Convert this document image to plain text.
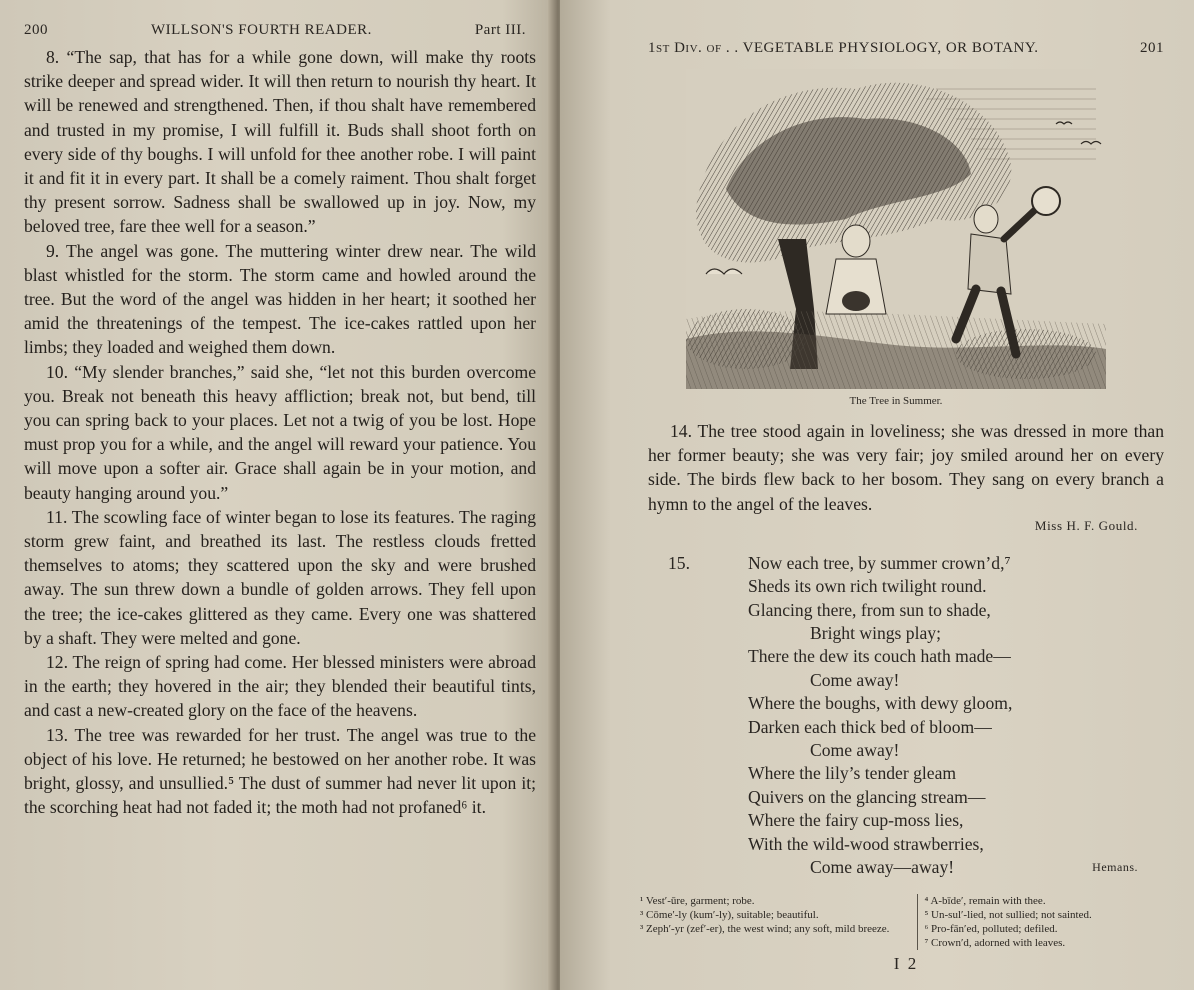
200	WILLSON'S FOURTH READER.	Part III.

8. “The sap, that has for a while gone down, will make thy roots strike deeper and spread wider. It will then return to nourish thy heart. It will be renewed and strengthened. Then, if thou shalt have remembered and trusted in my promise, I will fulfill it. Buds shall shoot forth on every side of thy boughs. I will unfold for thee another robe. I will paint it and fit it in every part. It shall be a comely raiment. Thou shalt forget thy present sorrow. Sadness shall be swallowed up in joy. Now, my beloved tree, fare thee well for a season.”

9. The angel was gone. The muttering winter drew near. The wild blast whistled for the storm. The storm came and howled around the tree. But the word of the angel was hidden in her heart; it soothed her amid the threatenings of the tempest. The ice-cakes rattled upon her limbs; they loaded and weighed them down.

10. “My slender branches,” said she, “let not this burden overcome you. Break not beneath this heavy affliction; break not, but bend, till you can spring back to your places. Let not a twig of you be lost. Hope must prop you for a while, and the angel will reward your patience. You will move upon a softer air. Grace shall again be in your motion, and beauty hanging around you.”

11. The scowling face of winter began to lose its features. The raging storm grew faint, and breathed its last. The restless clouds fretted themselves to atoms; they scattered upon the sky and were brushed away. The sun threw down a bundle of golden arrows. They fell upon the tree; the ice-cakes glittered as they came. Every one was shattered by a shaft. They were melted and gone.

12. The reign of spring had come. Her blessed ministers were abroad in the earth; they hovered in the air; they blended their beautiful tints, and cast a new-created glory on the face of the heavens.

13. The tree was rewarded for her trust. The angel was true to the object of his love. He returned; he bestowed on her another robe. It was bright, glossy, and unsullied.⁵ The dust of summer had never lit upon it; the scorching heat had not faded it; the moth had not profaned⁶ it.

1st Div. of . . VEGETABLE PHYSIOLOGY, OR BOTANY.	201
The Tree in Summer.

14. The tree stood again in loveliness; she was dressed in more than her former beauty; she was very fair; joy smiled around her on every side. The birds flew back to her bosom. They sang on every branch a hymn to the angel of the leaves.

Miss H. F. Gould.
15.	Now each tree, by summer crown’d,⁷
Sheds its own rich twilight round.
Glancing there, from sun to shade,
Bright wings play;
There the dew its couch hath made—
Come away!
Where the boughs, with dewy gloom,
Darken each thick bed of bloom—
Come away!
Where the lily’s tender gleam
Quivers on the glancing stream—
Where the fairy cup-moss lies,
With the wild-wood strawberries,
Come away—away!	Hemans.
¹ Vest′-ūre, garment; robe.
³ Cōme′-ly (kum′-ly), suitable; beautiful.
³ Zeph′-yr (zef′-er), the west wind; any soft, mild breeze.
⁴ A-bīde′, remain with thee.
⁵ Un-sul′-lied, not sullied; not sainted.
⁶ Pro-fān′ed, polluted; defiled.
⁷ Crown′d, adorned with leaves.
I 2
